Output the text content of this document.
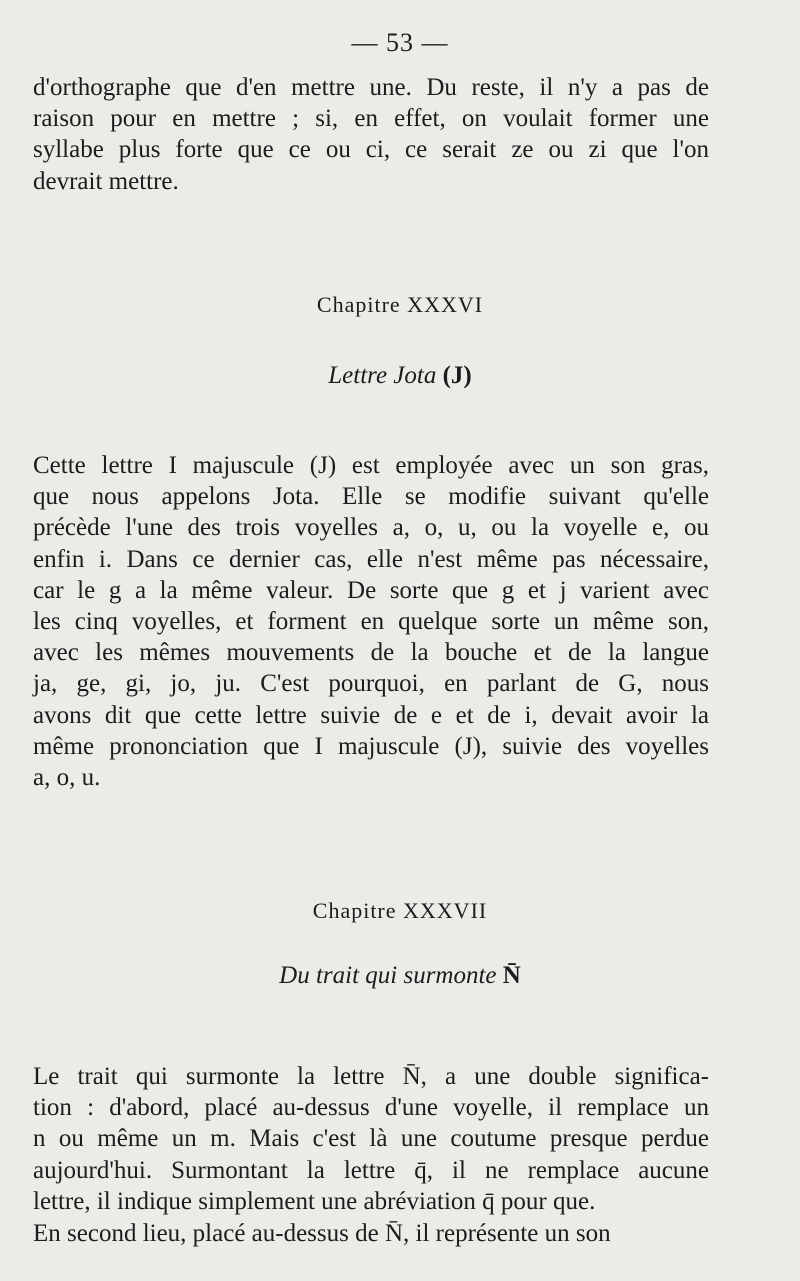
— 53 —
d'orthographe que d'en mettre une. Du reste, il n'y a pas de
raison pour en mettre ; si, en effet, on voulait former une
syllabe plus forte que ce ou ci, ce serait ze ou zi que l'on
devrait mettre.
Chapitre XXXVI
Lettre Jota (J)
Cette lettre I majuscule (J) est employée avec un son gras,
que nous appelons Jota. Elle se modifie suivant qu'elle
précède l'une des trois voyelles a, o, u, ou la voyelle e, ou
enfin i. Dans ce dernier cas, elle n'est même pas nécessaire,
car le g a la même valeur. De sorte que g et j varient avec
les cinq voyelles, et forment en quelque sorte un même son,
avec les mêmes mouvements de la bouche et de la langue
ja, ge, gi, jo, ju. C'est pourquoi, en parlant de G, nous
avons dit que cette lettre suivie de e et de i, devait avoir la
même prononciation que I majuscule (J), suivie des voyelles
a, o, u.
Chapitre XXXVII
Du trait qui surmonte N̄
Le trait qui surmonte la lettre N̄, a une double significa-
tion : d'abord, placé au-dessus d'une voyelle, il remplace un
n ou même un m. Mais c'est là une coutume presque perdue
aujourd'hui. Surmontant la lettre q̄, il ne remplace aucune
lettre, il indique simplement une abréviation q̄ pour que.
En second lieu, placé au-dessus de N̄, il représente un son
